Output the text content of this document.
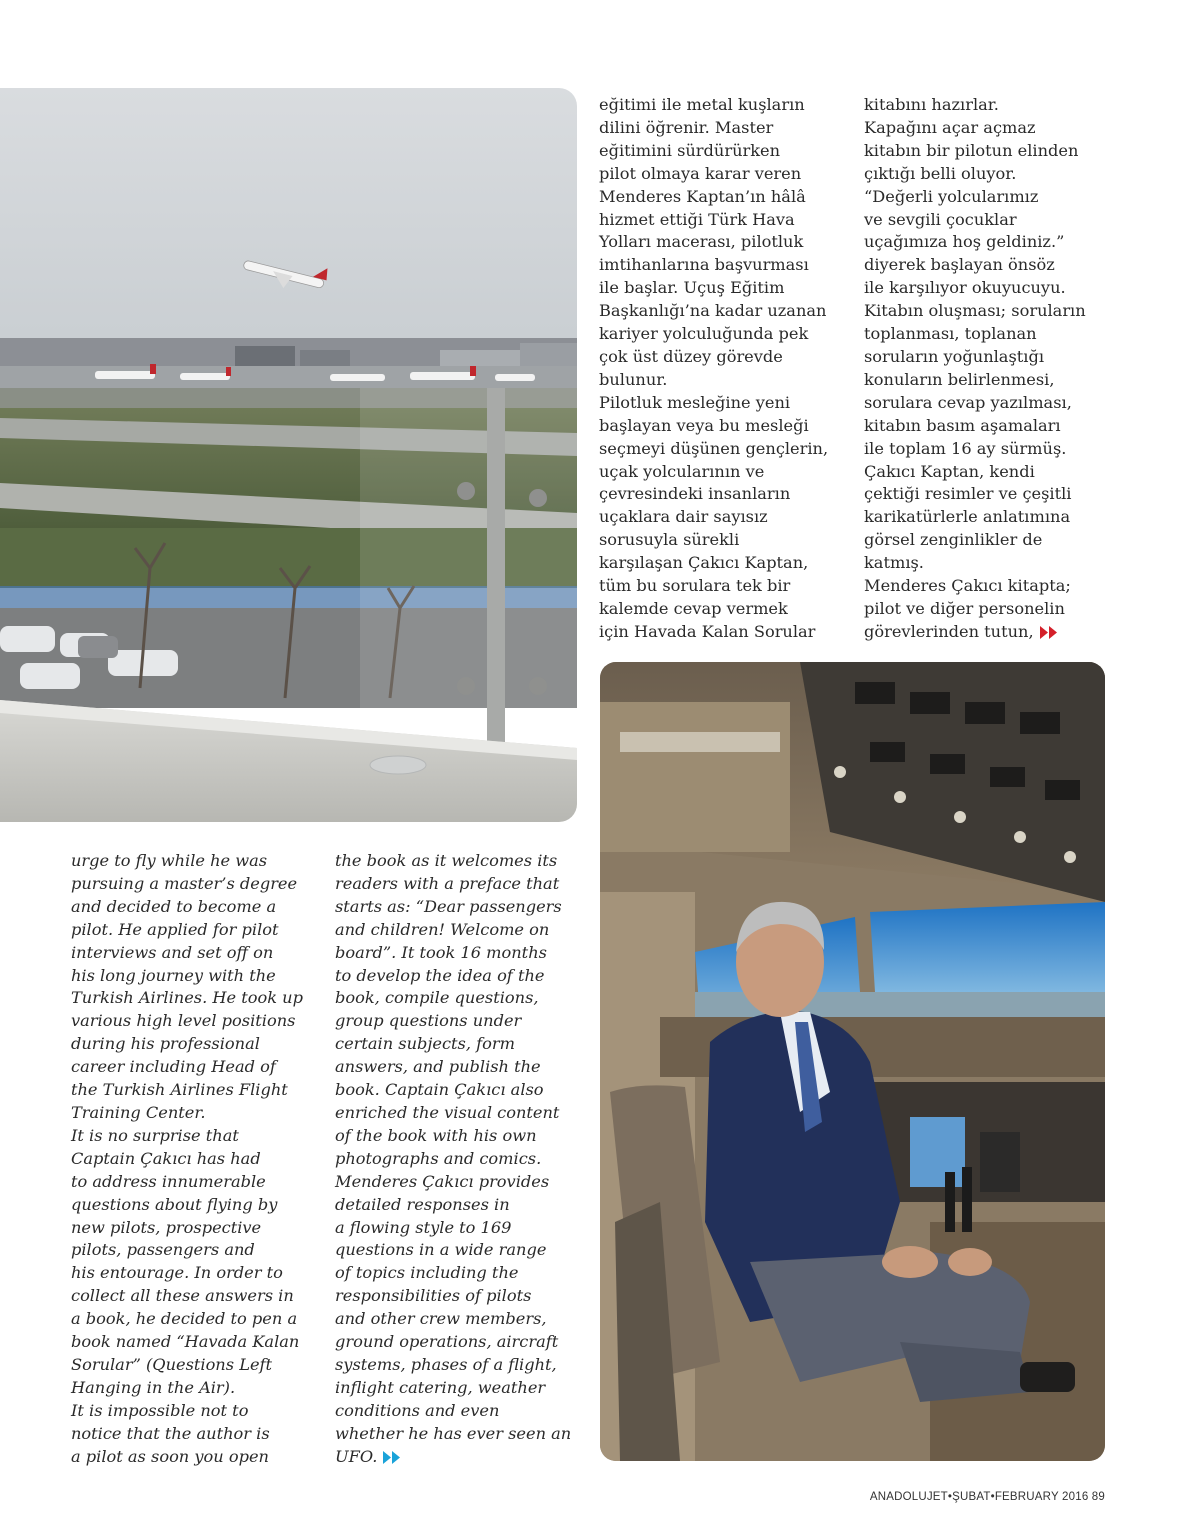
eğitimi ile metal kuşların
dilini öğrenir. Master
eğitimini sürdürürken
pilot olmaya karar veren
Menderes Kaptan’ın hâlâ
hizmet ettiği Türk Hava
Yolları macerası, pilotluk
imtihanlarına başvurması
ile başlar. Uçuş Eğitim
Başkanlığı’na kadar uzanan
kariyer yolculuğunda pek
çok üst düzey görevde
bulunur.
Pilotluk mesleğine yeni
başlayan veya bu mesleği
seçmeyi düşünen gençlerin,
uçak yolcularının ve
çevresindeki insanların
uçaklara dair sayısız
sorusuyla sürekli
karşılaşan Çakıcı Kaptan,
tüm bu sorulara tek bir
kalemde cevap vermek
için Havada Kalan Sorular

kitabını hazırlar.
Kapağını açar açmaz
kitabın bir pilotun elinden
çıktığı belli oluyor.
“Değerli yolcularımız
ve sevgili çocuklar
uçağımıza hoş geldiniz.”
diyerek başlayan önsöz
ile karşılıyor okuyucuyu.
Kitabın oluşması; soruların
toplanması, toplanan
soruların yoğunlaştığı
konuların belirlenmesi,
sorulara cevap yazılması,
kitabın basım aşamaları
ile toplam 16 ay sürmüş.
Çakıcı Kaptan, kendi
çektiği resimler ve çeşitli
karikatürlerle anlatımına
görsel zenginlikler de
katmış.
Menderes Çakıcı kitapta;
pilot ve diğer personelin
görevlerinden tutun,

urge to fly while he was
pursuing a master’s degree
and decided to become a
pilot. He applied for pilot
interviews and set off on
his long journey with the
Turkish Airlines. He took up
various high level positions
during his professional
career including Head of
the Turkish Airlines Flight
Training Center.
It is no surprise that
Captain Çakıcı has had
to address innumerable
questions about flying by
new pilots, prospective
pilots, passengers and
his entourage. In order to
collect all these answers in
a book, he decided to pen a
book named “Havada Kalan
Sorular” (Questions Left
Hanging in the Air).
It is impossible not to
notice that the author is
a pilot as soon you open

the book as it welcomes its
readers with a preface that
starts as: “Dear passengers
and children! Welcome on
board”. It took 16 months
to develop the idea of the
book, compile questions,
group questions under
certain subjects, form
answers, and publish the
book. Captain Çakıcı also
enriched the visual content
of the book with his own
photographs and comics.
Menderes Çakıcı provides
detailed responses in
a flowing style to 169
questions in a wide range
of topics including the
responsibilities of pilots
and other crew members,
ground operations, aircraft
systems, phases of a flight,
inflight catering, weather
conditions and even
whether he has ever seen an
UFO.

ANADOLUJET•ŞUBAT•FEBRUARY 2016 89
